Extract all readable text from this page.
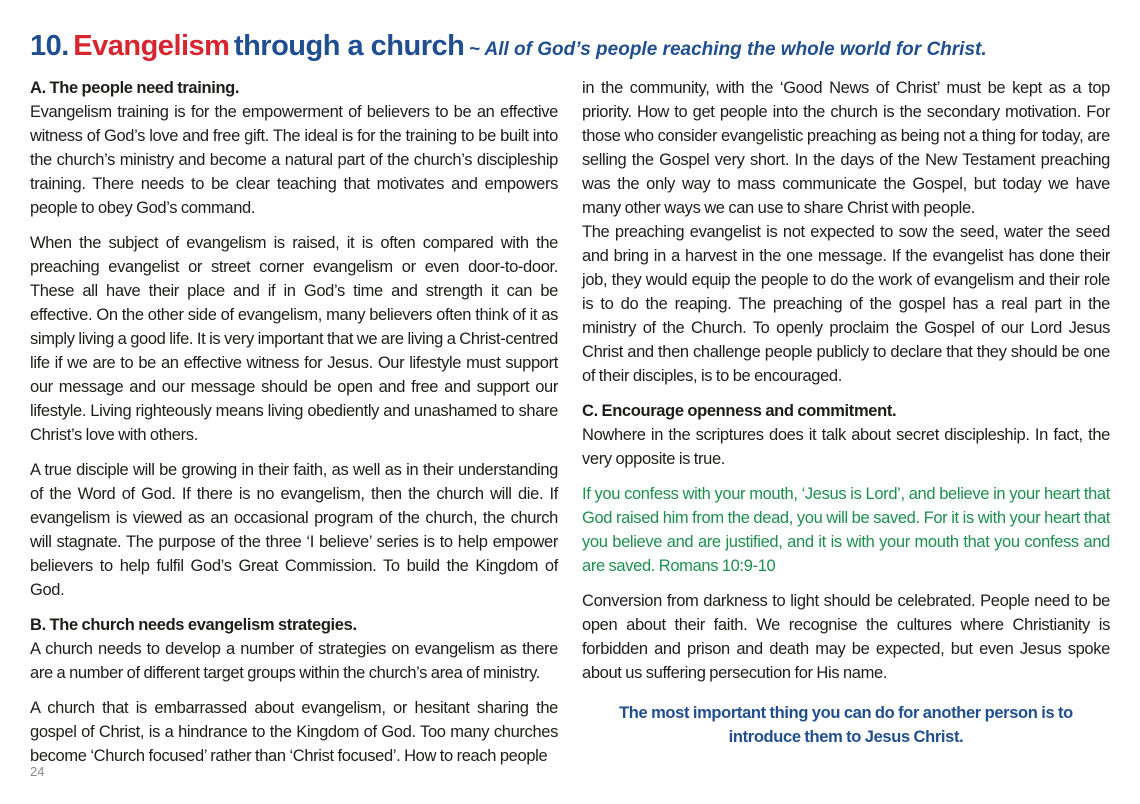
10. Evangelism through a church ~ All of God’s people reaching the whole world for Christ.

A. The people need training.

Evangelism training is for the empowerment of believers to be an effective witness of God’s love and free gift. The ideal is for the training to be built into the church’s ministry and become a natural part of the church’s discipleship training. There needs to be clear teaching that motivates and empowers people to obey God’s command.

When the subject of evangelism is raised, it is often compared with the preaching evangelist or street corner evangelism or even door-to-door. These all have their place and if in God’s time and strength it can be effective. On the other side of evangelism, many believers often think of it as simply living a good life. It is very important that we are living a Christ-centred life if we are to be an effective witness for Jesus. Our lifestyle must support our message and our message should be open and free and support our lifestyle. Living righteously means living obediently and unashamed to share Christ’s love with others.

A true disciple will be growing in their faith, as well as in their understanding of the Word of God. If there is no evangelism, then the church will die. If evangelism is viewed as an occasional program of the church, the church will stagnate. The purpose of the three ‘I believe’ series is to help empower believers to help fulfil God’s Great Commission. To build the Kingdom of God.

B. The church needs evangelism strategies.

A church needs to develop a number of strategies on evangelism as there are a number of different target groups within the church’s area of ministry.

A church that is embarrassed about evangelism, or hesitant sharing the gospel of Christ, is a hindrance to the Kingdom of God. Too many churches become ‘Church focused’ rather than ‘Christ focused’. How to reach people

in the community, with the ‘Good News of Christ’ must be kept as a top priority. How to get people into the church is the secondary motivation. For those who consider evangelistic preaching as being not a thing for today, are selling the Gospel very short. In the days of the New Testament preaching was the only way to mass communicate the Gospel, but today we have many other ways we can use to share Christ with people.

The preaching evangelist is not expected to sow the seed, water the seed and bring in a harvest in the one message. If the evangelist has done their job, they would equip the people to do the work of evangelism and their role is to do the reaping. The preaching of the gospel has a real part in the ministry of the Church. To openly proclaim the Gospel of our Lord Jesus Christ and then challenge people publicly to declare that they should be one of their disciples, is to be encouraged.

C. Encourage openness and commitment.

Nowhere in the scriptures does it talk about secret discipleship. In fact, the very opposite is true.

If you confess with your mouth, ‘Jesus is Lord’, and believe in your heart that God raised him from the dead, you will be saved. For it is with your heart that you believe and are justified, and it is with your mouth that you confess and are saved. Romans 10:9-10

Conversion from darkness to light should be celebrated. People need to be open about their faith. We recognise the cultures where Christianity is forbidden and prison and death may be expected, but even Jesus spoke about us suffering persecution for His name.

The most important thing you can do for another person is to introduce them to Jesus Christ.

24
